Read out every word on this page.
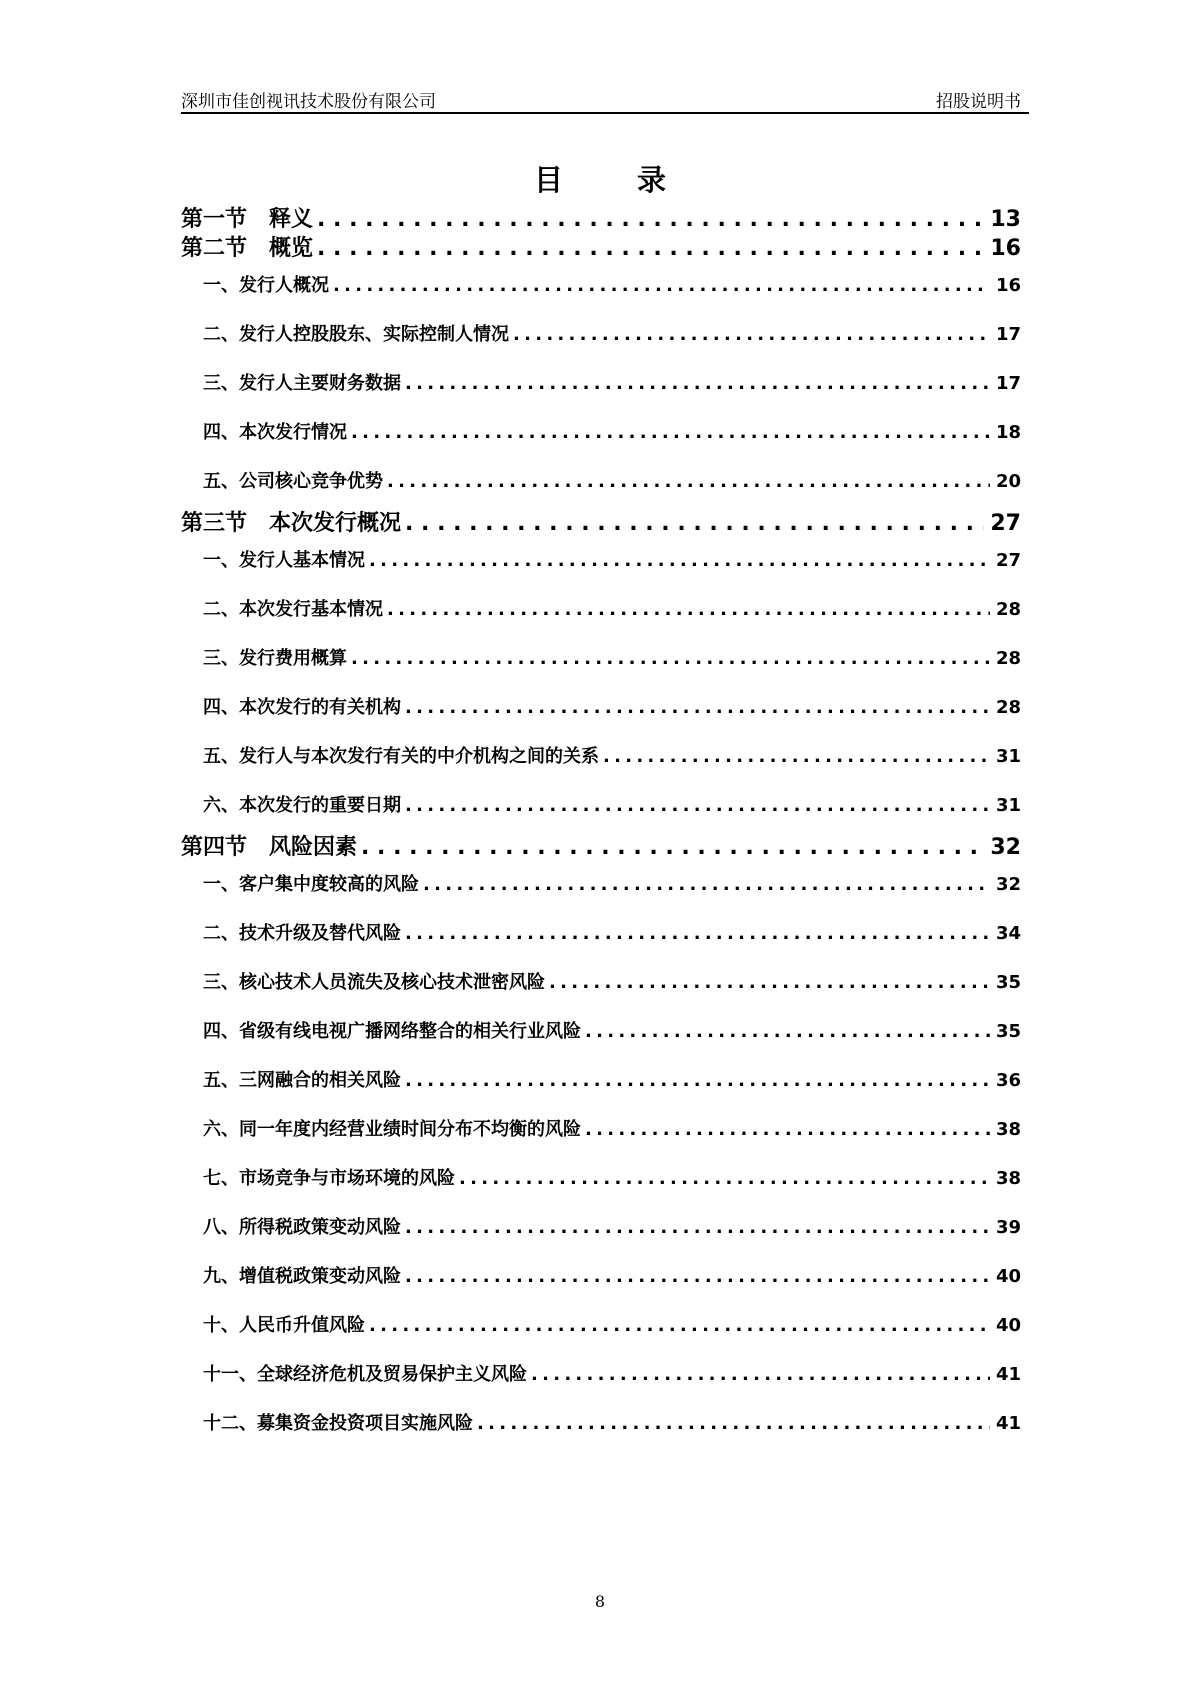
深圳市佳创视讯技术股份有限公司	招股说明书
目 录
第一节 释义 . . .	13
第二节 概览 . . .	16
一、发行人概况 . . .	16
二、发行人控股股东、实际控制人情况 . . .	17
三、发行人主要财务数据 . . .	17
四、本次发行情况 . . .	18
五、公司核心竞争优势 . . .	20
第三节 本次发行概况 . . .	27
一、发行人基本情况 . . .	27
二、本次发行基本情况 . . .	28
三、发行费用概算 . . .	28
四、本次发行的有关机构 . . .	28
五、发行人与本次发行有关的中介机构之间的关系 . . .	31
六、本次发行的重要日期 . . .	31
第四节 风险因素 . . .	32
一、客户集中度较高的风险 . . .	32
二、技术升级及替代风险 . . .	34
三、核心技术人员流失及核心技术泄密风险 . . .	35
四、省级有线电视广播网络整合的相关行业风险 . . .	35
五、三网融合的相关风险 . . .	36
六、同一年度内经营业绩时间分布不均衡的风险 . . .	38
七、市场竞争与市场环境的风险 . . .	38
八、所得税政策变动风险 . . .	39
九、增值税政策变动风险 . . .	40
十、人民币升值风险 . . .	40
十一、全球经济危机及贸易保护主义风险 . . .	41
十二、募集资金投资项目实施风险 . . .	41
8
